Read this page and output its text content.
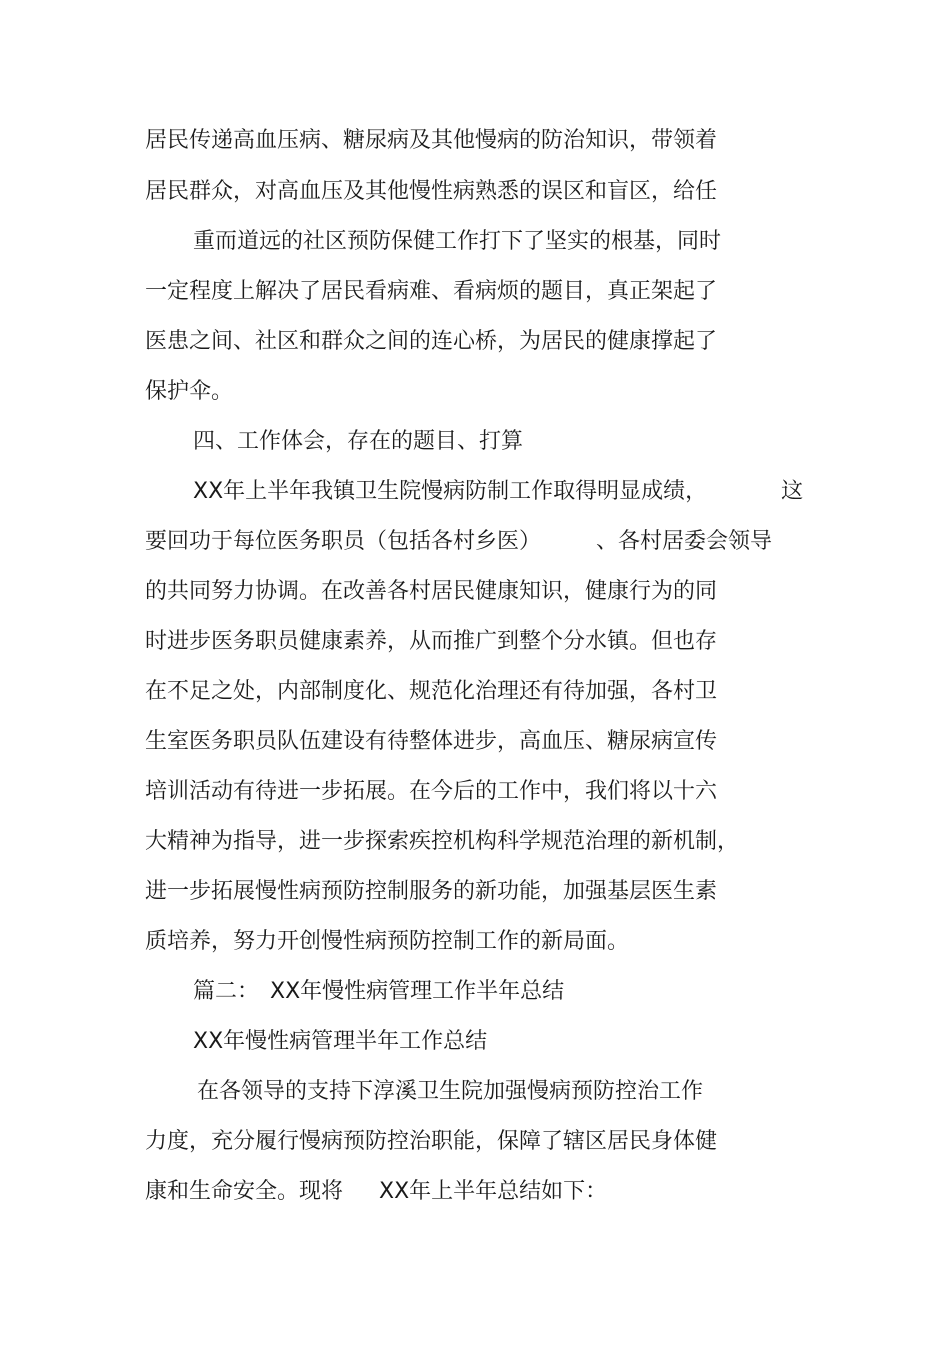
居民传递高血压病、糖尿病及其他慢病的防治知识，带领着
居民群众，对高血压及其他慢性病熟悉的误区和盲区，给任
重而道远的社区预防保健工作打下了坚实的根基，同时
一定程度上解决了居民看病难、看病烦的题目，真正架起了
医患之间、社区和群众之间的连心桥，为居民的健康撑起了
保护伞。
四、工作体会，存在的题目、打算
XX年上半年我镇卫生院慢病防制工作取得明显成绩，	这
要回功于每位医务职员（包括各村乡医） 、各村居委会领导
的共同努力协调。在改善各村居民健康知识，健康行为的同
时进步医务职员健康素养，从而推广到整个分水镇。但也存
在不足之处，内部制度化、规范化治理还有待加强，各村卫
生室医务职员队伍建设有待整体进步，高血压、糖尿病宣传
培训活动有待进一步拓展。在今后的工作中，我们将以十六
大精神为指导，进一步探索疾控机构科学规范治理的新机制，
进一步拓展慢性病预防控制服务的新功能，加强基层医生素
质培养，努力开创慢性病预防控制工作的新局面。
篇二： XX年慢性病管理工作半年总结
XX年慢性病管理半年工作总结
在各领导的支持下淳溪卫生院加强慢病预防控治工作
力度，充分履行慢病预防控治职能，保障了辖区居民身体健
康和生命安全。现将 XX年上半年总结如下：
